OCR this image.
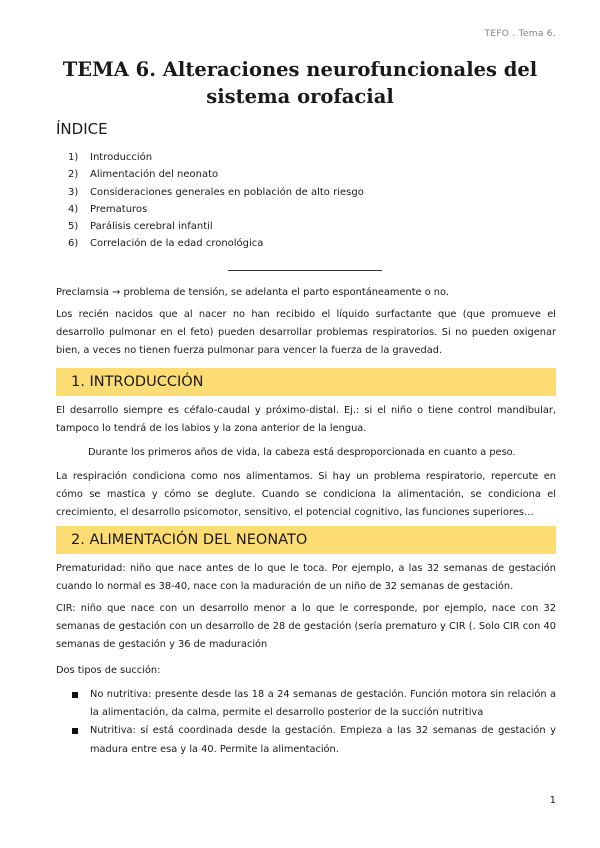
TEFO . Tema 6.
TEMA 6. Alteraciones neurofuncionales del
sistema orofacial
ÍNDICE
1) Introducción
2) Alimentación del neonato
3) Consideraciones generales en población de alto riesgo
4) Prematuros
5) Parálisis cerebral infantil
6) Correlación de la edad cronológica

Preclamsia → problema de tensión, se adelanta el parto espontáneamente o no.

Los recién nacidos que al nacer no han recibido el líquido surfactante que (que promueve el desarrollo pulmonar en el feto) pueden desarrollar problemas respiratorios. Si no pueden oxigenar bien, a veces no tienen fuerza pulmonar para vencer la fuerza de la gravedad.

1. INTRODUCCIÓN

El desarrollo siempre es céfalo-caudal y próximo-distal. Ej.: si el niño o tiene control mandibular, tampoco lo tendrá de los labios y la zona anterior de la lengua.

Durante los primeros años de vida, la cabeza está desproporcionada en cuanto a peso.

La respiración condiciona como nos alimentamos. Si hay un problema respiratorio, repercute en cómo se mastica y cómo se deglute. Cuando se condiciona la alimentación, se condiciona el crecimiento, el desarrollo psicomotor, sensitivo, el potencial cognitivo, las funciones superiores…

2. ALIMENTACIÓN DEL NEONATO

Prematuridad: niño que nace antes de lo que le toca. Por ejemplo, a las 32 semanas de gestación cuando lo normal es 38-40, nace con la maduración de un niño de 32 semanas de gestación.

CIR: niño que nace con un desarrollo menor a lo que le corresponde, por ejemplo, nace con 32 semanas de gestación con un desarrollo de 28 de gestación (sería prematuro y CIR (. Solo CIR con 40 semanas de gestación y 36 de maduración

Dos tipos de succión:

No nutritiva: presente desde las 18 a 24 semanas de gestación. Función motora sin relación a la alimentación, da calma, permite el desarrollo posterior de la succión nutritiva
Nutritiva: sí está coordinada desde la gestación. Empieza a las 32 semanas de gestación y madura entre esa y la 40. Permite la alimentación.
1
